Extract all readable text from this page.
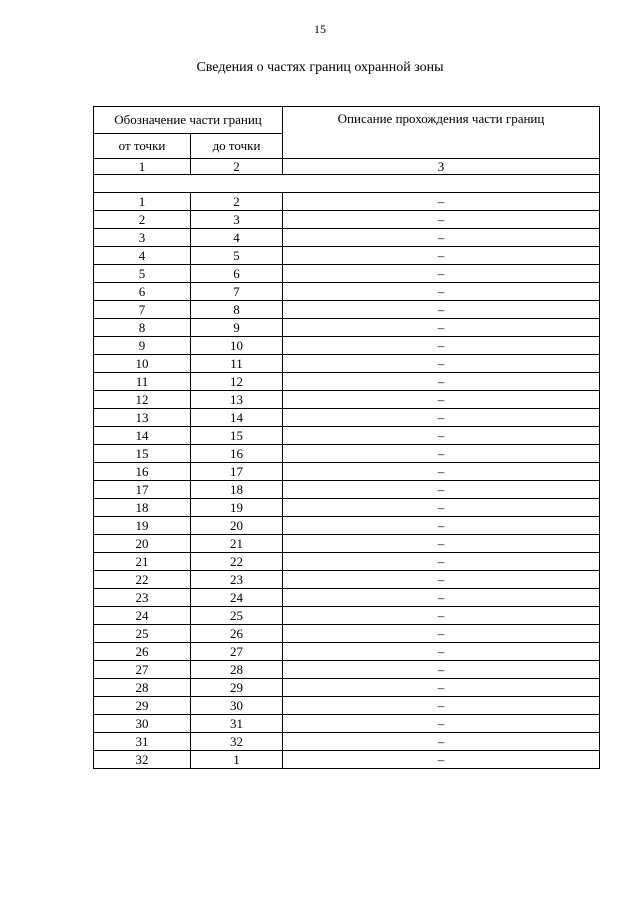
15
Сведения о частях границ охранной зоны
Обозначение части границ		Описание прохождения части границ
от точки	до точки	
1	2	3

1	2	–
2	3	–
3	4	–
4	5	–
5	6	–
6	7	–
7	8	–
8	9	–
9	10	–
10	11	–
11	12	–
12	13	–
13	14	–
14	15	–
15	16	–
16	17	–
17	18	–
18	19	–
19	20	–
20	21	–
21	22	–
22	23	–
23	24	–
24	25	–
25	26	–
26	27	–
27	28	–
28	29	–
29	30	–
30	31	–
31	32	–
32	1	–
